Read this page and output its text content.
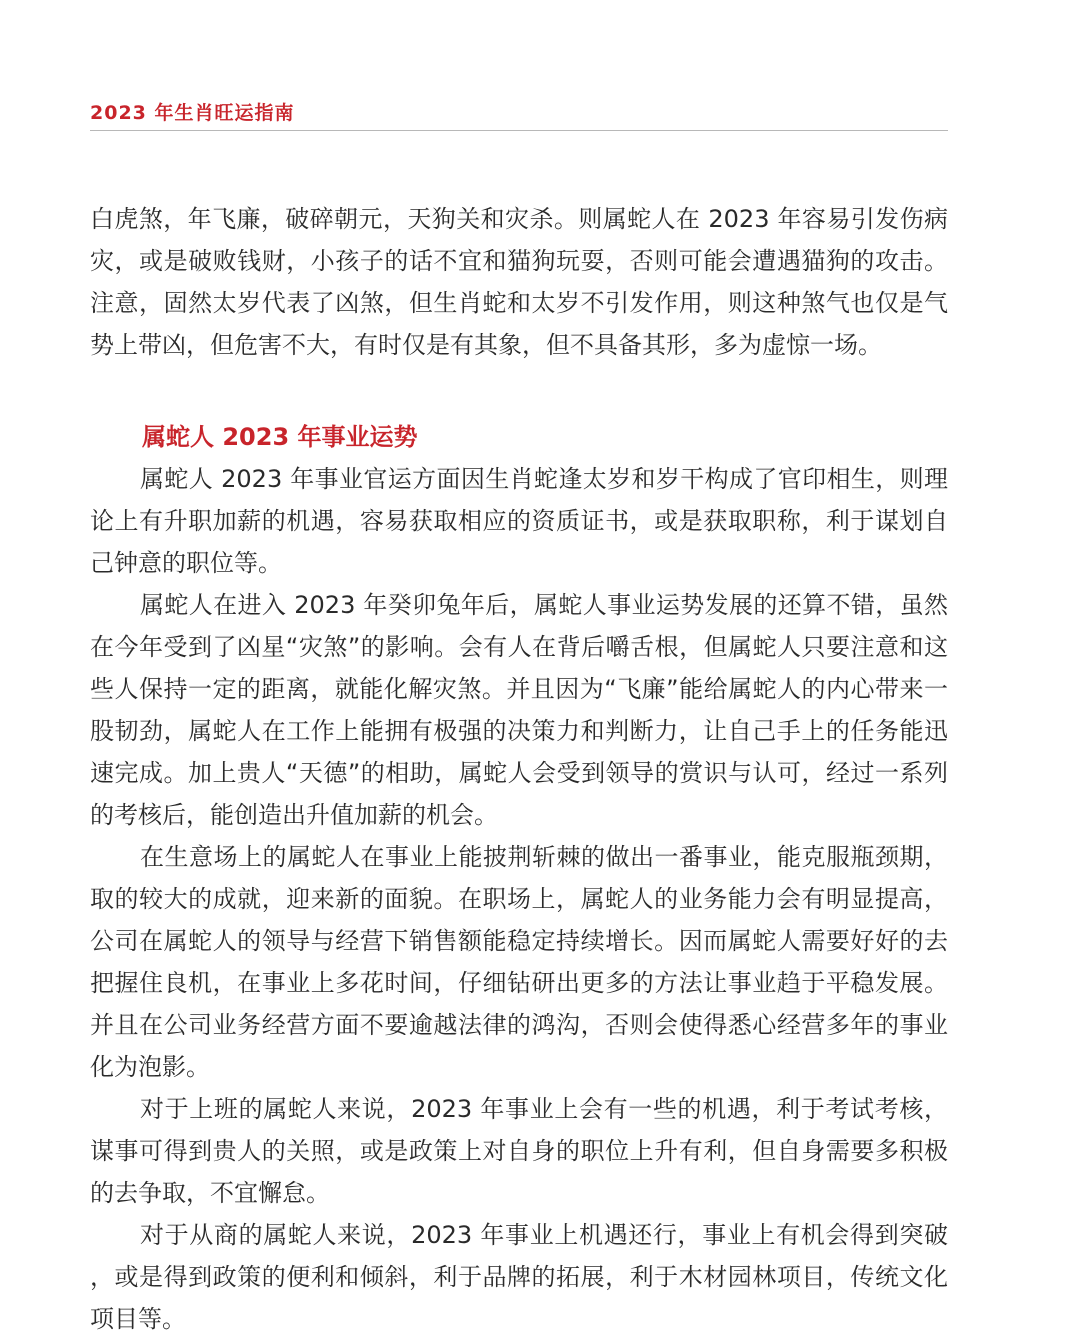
2023 年生肖旺运指南

白虎煞，年飞廉，破碎朝元，天狗关和灾杀。则属蛇人在 2023 年容易引发伤病灾，或是破败钱财，小孩子的话不宜和猫狗玩耍，否则可能会遭遇猫狗的攻击。注意，固然太岁代表了凶煞，但生肖蛇和太岁不引发作用，则这种煞气也仅是气势上带凶，但危害不大，有时仅是有其象，但不具备其形，多为虚惊一场。

属蛇人 2023 年事业运势

属蛇人 2023 年事业官运方面因生肖蛇逢太岁和岁干构成了官印相生，则理论上有升职加薪的机遇，容易获取相应的资质证书，或是获取职称，利于谋划自己钟意的职位等。

属蛇人在进入 2023 年癸卯兔年后，属蛇人事业运势发展的还算不错，虽然在今年受到了凶星“灾煞”的影响。会有人在背后嚼舌根，但属蛇人只要注意和这些人保持一定的距离，就能化解灾煞。并且因为“飞廉”能给属蛇人的内心带来一股韧劲，属蛇人在工作上能拥有极强的决策力和判断力，让自己手上的任务能迅速完成。加上贵人“天德”的相助，属蛇人会受到领导的赏识与认可，经过一系列的考核后，能创造出升值加薪的机会。

在生意场上的属蛇人在事业上能披荆斩棘的做出一番事业，能克服瓶颈期，取的较大的成就，迎来新的面貌。在职场上，属蛇人的业务能力会有明显提高，公司在属蛇人的领导与经营下销售额能稳定持续增长。因而属蛇人需要好好的去把握住良机，在事业上多花时间，仔细钻研出更多的方法让事业趋于平稳发展。并且在公司业务经营方面不要逾越法律的鸿沟，否则会使得悉心经营多年的事业化为泡影。

对于上班的属蛇人来说，2023 年事业上会有一些的机遇，利于考试考核，谋事可得到贵人的关照，或是政策上对自身的职位上升有利，但自身需要多积极的去争取，不宜懈怠。

对于从商的属蛇人来说，2023 年事业上机遇还行，事业上有机会得到突破，或是得到政策的便利和倾斜，利于品牌的拓展，利于木材园林项目，传统文化项目等。
